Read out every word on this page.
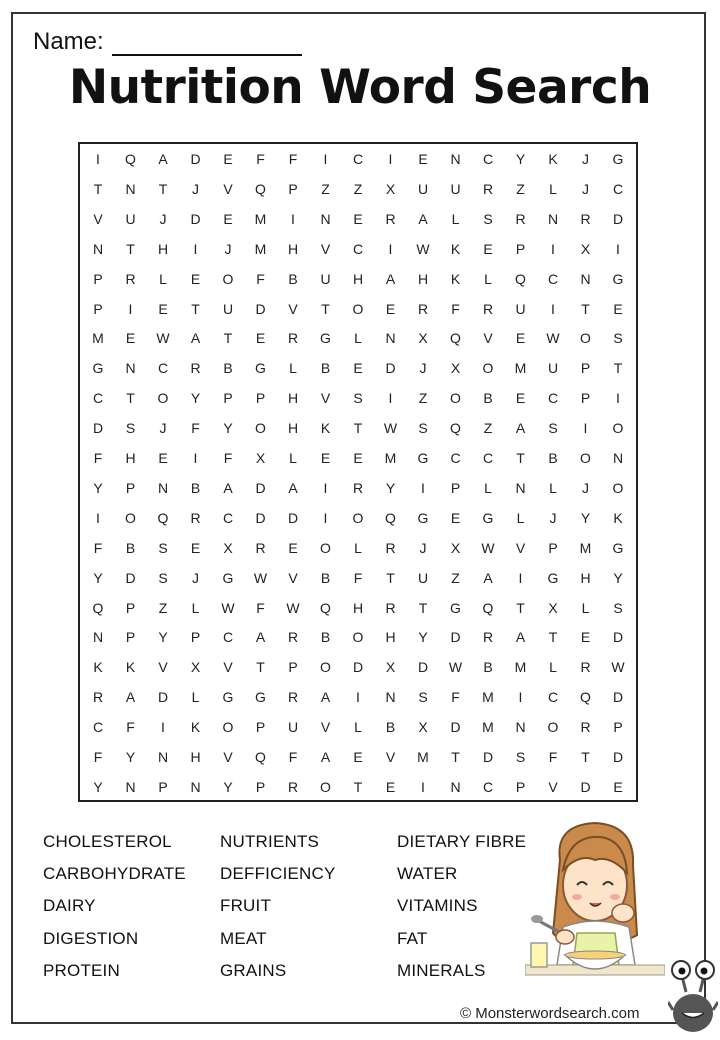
Name:
Nutrition Word Search
I	Q	A	D	E	F	F	I	C	I	E	N	C	Y	K	J	G
T	N	T	J	V	Q	P	Z	Z	X	U	U	R	Z	L	J	C
V	U	J	D	E	M	I	N	E	R	A	L	S	R	N	R	D
N	T	H	I	J	M	H	V	C	I	W	K	E	P	I	X	I
P	R	L	E	O	F	B	U	H	A	H	K	L	Q	C	N	G
P	I	E	T	U	D	V	T	O	E	R	F	R	U	I	T	E
M	E	W	A	T	E	R	G	L	N	X	Q	V	E	W	O	S
G	N	C	R	B	G	L	B	E	D	J	X	O	M	U	P	T
C	T	O	Y	P	P	H	V	S	I	Z	O	B	E	C	P	I
D	S	J	F	Y	O	H	K	T	W	S	Q	Z	A	S	I	O
F	H	E	I	F	X	L	E	E	M	G	C	C	T	B	O	N
Y	P	N	B	A	D	A	I	R	Y	I	P	L	N	L	J	O
I	O	Q	R	C	D	D	I	O	Q	G	E	G	L	J	Y	K
F	B	S	E	X	R	E	O	L	R	J	X	W	V	P	M	G
Y	D	S	J	G	W	V	B	F	T	U	Z	A	I	G	H	Y
Q	P	Z	L	W	F	W	Q	H	R	T	G	Q	T	X	L	S
N	P	Y	P	C	A	R	B	O	H	Y	D	R	A	T	E	D
K	K	V	X	V	T	P	O	D	X	D	W	B	M	L	R	W
R	A	D	L	G	G	R	A	I	N	S	F	M	I	C	Q	D
C	F	I	K	O	P	U	V	L	B	X	D	M	N	O	R	P
F	Y	N	H	V	Q	F	A	E	V	M	T	D	S	F	T	D
Y	N	P	N	Y	P	R	O	T	E	I	N	C	P	V	D	E
CHOLESTEROL
CARBOHYDRATE
DAIRY
DIGESTION
PROTEIN
NUTRIENTS
DEFFICIENCY
FRUIT
MEAT
GRAINS
DIETARY FIBRE
WATER
VITAMINS
FAT
MINERALS
© Monsterwordsearch.com
